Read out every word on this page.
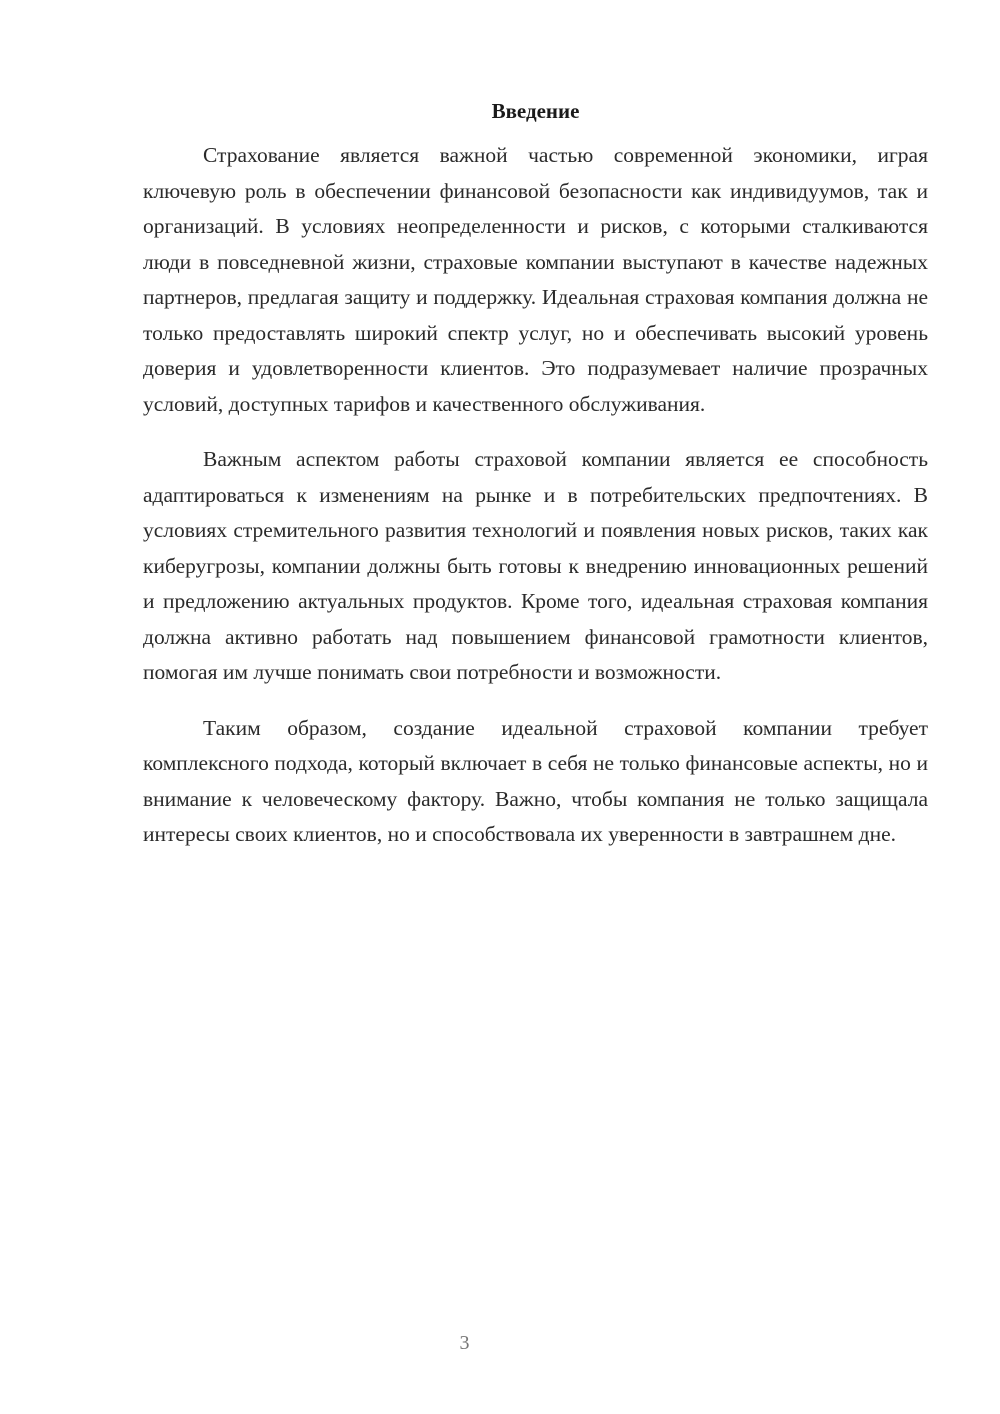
Введение

Страхование является важной частью современной экономики, играя ключевую роль в обеспечении финансовой безопасности как индивидуумов, так и организаций. В условиях неопределенности и рисков, с которыми сталкиваются люди в повседневной жизни, страховые компании выступают в качестве надежных партнеров, предлагая защиту и поддержку. Идеальная страховая компания должна не только предоставлять широкий спектр услуг, но и обеспечивать высокий уровень доверия и удовлетворенности клиентов. Это подразумевает наличие прозрачных условий, доступных тарифов и качественного обслуживания.

Важным аспектом работы страховой компании является ее способность адаптироваться к изменениям на рынке и в потребительских предпочтениях. В условиях стремительного развития технологий и появления новых рисков, таких как киберугрозы, компании должны быть готовы к внедрению инновационных решений и предложению актуальных продуктов. Кроме того, идеальная страховая компания должна активно работать над повышением финансовой грамотности клиентов, помогая им лучше понимать свои потребности и возможности.

Таким образом, создание идеальной страховой компании требует комплексного подхода, который включает в себя не только финансовые аспекты, но и внимание к человеческому фактору. Важно, чтобы компания не только защищала интересы своих клиентов, но и способствовала их уверенности в завтрашнем дне.

3
